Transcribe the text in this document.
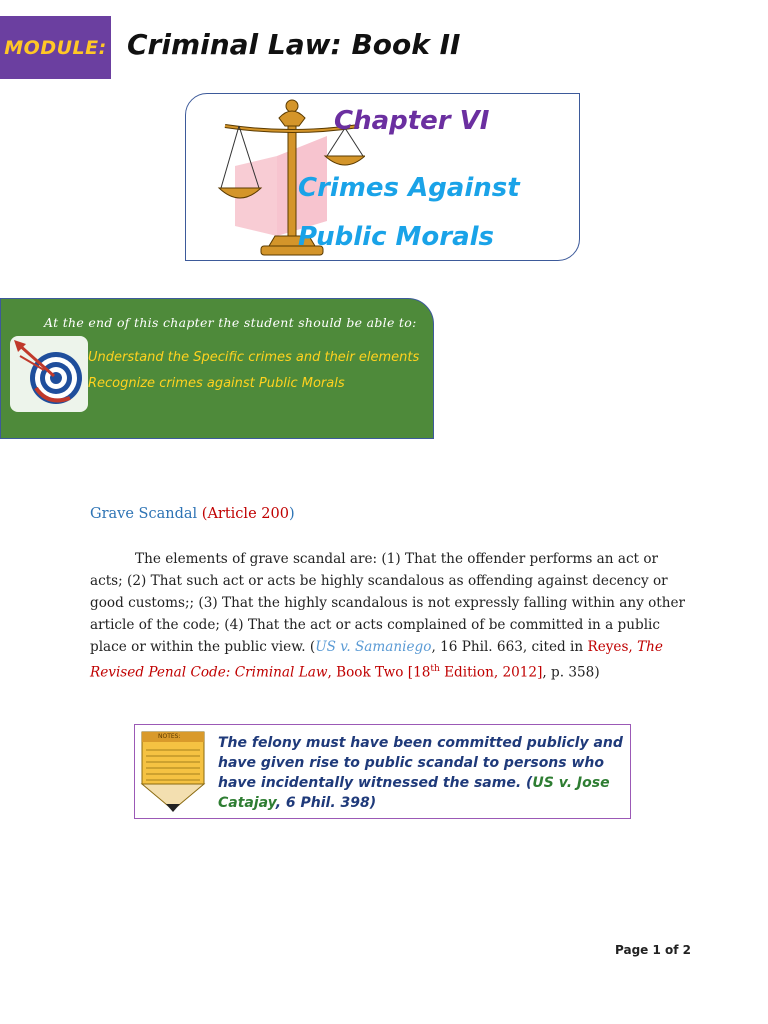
MODULE: Criminal Law: Book II
Chapter VI
Crimes Against Public Morals
At the end of this chapter the student should be able to:
Understand the Specific crimes and their elements
Recognize crimes against Public Morals
Grave Scandal (Article 200)
The elements of grave scandal are: (1) That the offender performs an act or acts; (2) That such act or acts be highly scandalous as offending against decency or good customs;; (3) That the highly scandalous is not expressly falling within any other article of the code; (4) That the act or acts complained of be committed in a public place or within the public view. (US v. Samaniego, 16 Phil. 663, cited in Reyes, The Revised Penal Code: Criminal Law, Book Two [18th Edition, 2012], p. 358)
NOTES:	The felony must have been committed publicly and have given rise to public scandal to persons who have incidentally witnessed the same. (US v. Jose Catajay, 6 Phil. 398)
Page 1 of 2
